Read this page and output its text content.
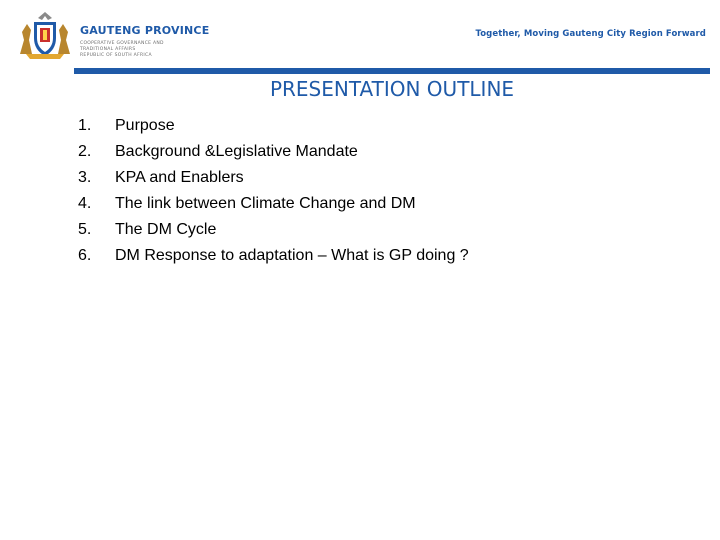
GAUTENG PROVINCE
COOPERATIVE GOVERNANCE AND TRADITIONAL AFFAIRS
REPUBLIC OF SOUTH AFRICA
Together, Moving Gauteng City Region Forward
PRESENTATION OUTLINE
1.	Purpose
2.	Background &Legislative Mandate
3.	KPA and Enablers
4.	The link between Climate Change and DM
5.	The DM Cycle
6.	DM Response to adaptation – What is GP doing ?
